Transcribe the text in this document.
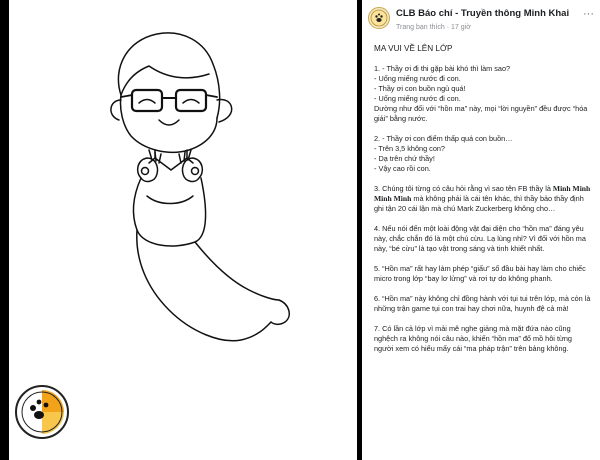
CLB Báo chí - Truyền thông Minh Khai
Trang bạn thích · 17 giờ
···
MA VUI VỀ LÊN LỚP
1. - Thầy ơi đi thi gặp bài khó thì làm sao?
- Uống miếng nước đi con.
- Thầy ơi con buồn ngủ quá!
- Uống miếng nước đi con.
Dường như đối với “hồn ma” này, mọi “lời nguyền” đều được “hóa giải” bằng nước.
2. - Thầy ơi con điểm thấp quá con buồn…
- Trên 3,5 không con?
- Dạ trên chứ thầy!
- Vậy cao rồi con.
3. Chúng tôi từng có câu hỏi rằng vì sao tên FB thầy là Minh Minh Minh Minh mà không phải là cái tên khác, thì thầy bảo thầy định ghi tận 20 cái lận mà chú Mark Zuckerberg không cho…
4. Nếu nói đến một loài động vật đại diện cho “hồn ma” đáng yêu này, chắc chắn đó là một chú cừu. Lạ lùng nhỉ? Vì đối với hồn ma này, “bé cừu” là tạo vật trong sáng và tinh khiết nhất.
5. “Hồn ma” rất hay làm phép “giấu” sổ đầu bài hay làm cho chiếc micro trong lớp “bay lơ lửng” và rơi tự do không phanh.
6. “Hồn ma” này không chỉ đồng hành với tụi tui trên lớp, mà còn là những trận game tụi con trai hay chơi nữa, huynh đệ cả mà!
7. Có lần cả lớp vì mải mê nghe giảng mà mặt đứa nào cũng nghệch ra không nói câu nào, khiến “hồn ma” đổ mồ hôi từng người xem có hiểu mấy cái “ma pháp trận” trên bảng không.
